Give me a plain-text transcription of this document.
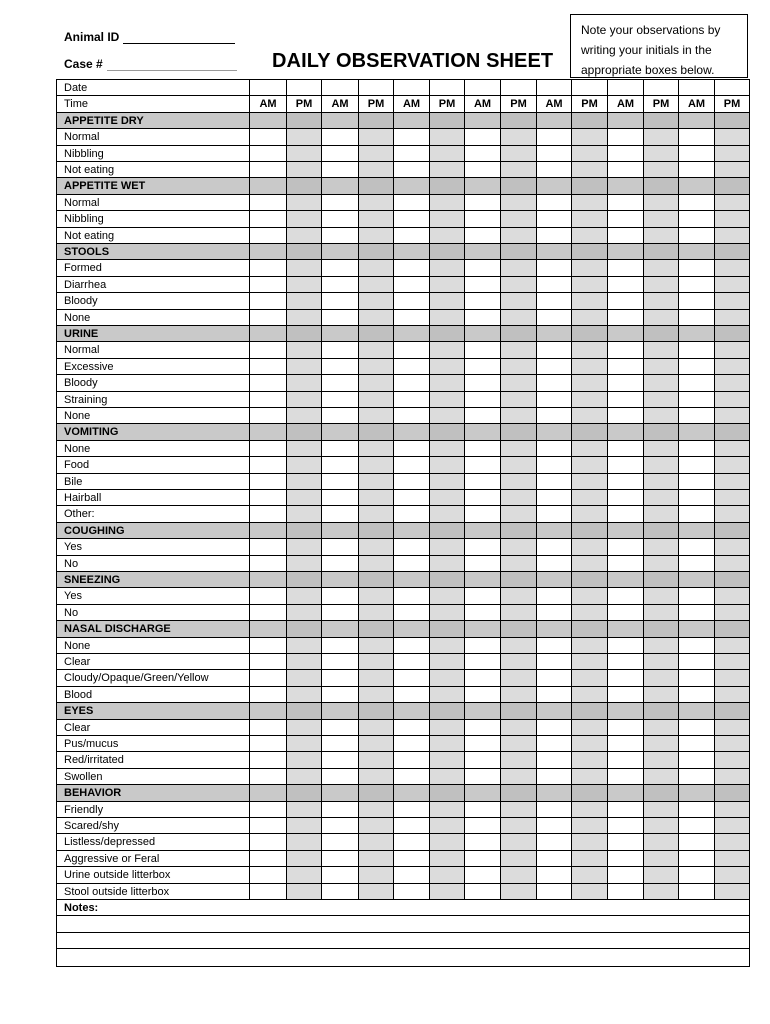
Animal ID
Case #	DAILY OBSERVATION SHEET
Note your observations by writing your initials in the appropriate boxes below.
Date
Time	AM	PM	AM	PM	AM	PM	AM	PM	AM	PM	AM	PM	AM	PM
APPETITE DRY
Normal
Nibbling
Not eating
APPETITE WET
Normal
Nibbling
Not eating
STOOLS
Formed
Diarrhea
Bloody
None
URINE
Normal
Excessive
Bloody
Straining
None
VOMITING
None
Food
Bile
Hairball
Other:
COUGHING
Yes
No
SNEEZING
Yes
No
NASAL DISCHARGE
None
Clear
Cloudy/Opaque/Green/Yellow
Blood
EYES
Clear
Pus/mucus
Red/irritated
Swollen
BEHAVIOR
Friendly
Scared/shy
Listless/depressed
Aggressive or Feral
Urine outside litterbox
Stool outside litterbox
Notes:
